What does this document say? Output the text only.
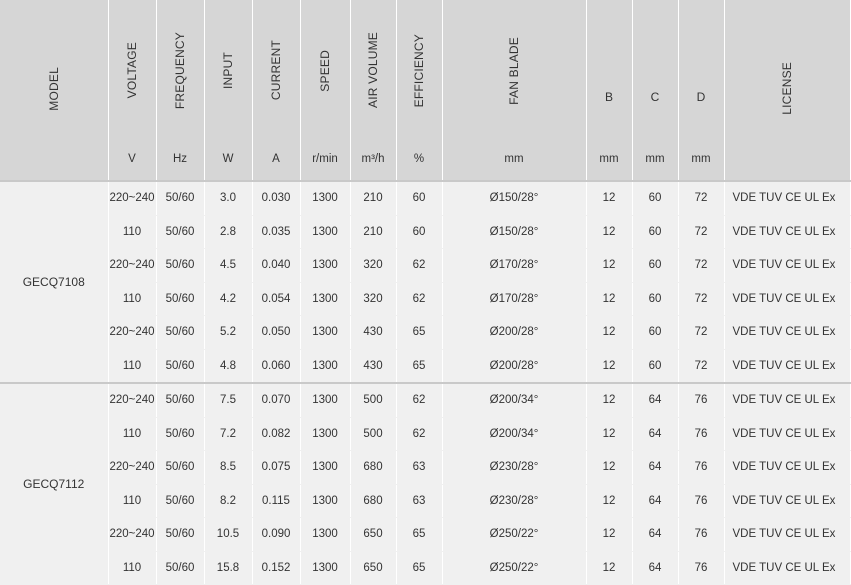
MODEL	VOLTAGE	FREQUENCY	INPUT	CURRENT	SPEED	AIR VOLUME	EFFICIENCY	FAN BLADE	B	C	D	LICENSE
	V	Hz	W	A	r/min	m³/h	%	mm	mm	mm	mm	
GECQ7108	220~240	50/60	3.0	0.030	1300	210	60	Ø150/28°	12	60	72	VDE TUV CE UL Ex
	110	50/60	2.8	0.035	1300	210	60	Ø150/28°	12	60	72	VDE TUV CE UL Ex
	220~240	50/60	4.5	0.040	1300	320	62	Ø170/28°	12	60	72	VDE TUV CE UL Ex
	110	50/60	4.2	0.054	1300	320	62	Ø170/28°	12	60	72	VDE TUV CE UL Ex
	220~240	50/60	5.2	0.050	1300	430	65	Ø200/28°	12	60	72	VDE TUV CE UL Ex
	110	50/60	4.8	0.060	1300	430	65	Ø200/28°	12	60	72	VDE TUV CE UL Ex
GECQ7112	220~240	50/60	7.5	0.070	1300	500	62	Ø200/34°	12	64	76	VDE TUV CE UL Ex
	110	50/60	7.2	0.082	1300	500	62	Ø200/34°	12	64	76	VDE TUV CE UL Ex
	220~240	50/60	8.5	0.075	1300	680	63	Ø230/28°	12	64	76	VDE TUV CE UL Ex
	110	50/60	8.2	0.115	1300	680	63	Ø230/28°	12	64	76	VDE TUV CE UL Ex
	220~240	50/60	10.5	0.090	1300	650	65	Ø250/22°	12	64	76	VDE TUV CE UL Ex
	110	50/60	15.8	0.152	1300	650	65	Ø250/22°	12	64	76	VDE TUV CE UL Ex
